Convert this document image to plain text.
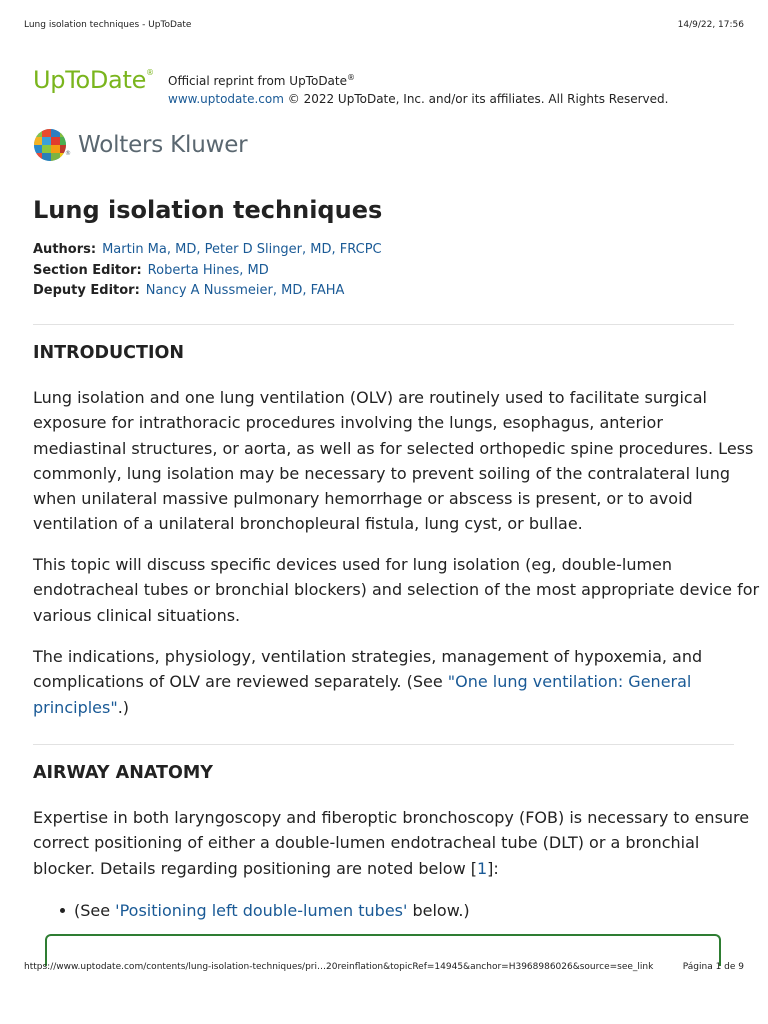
Lung isolation techniques - UpToDate	14/9/22, 17:56
UpToDate®
Official reprint from UpToDate®
www.uptodate.com © 2022 UpToDate, Inc. and/or its affiliates. All Rights Reserved.
® Wolters Kluwer
Lung isolation techniques
Authors: Martin Ma, MD, Peter D Slinger, MD, FRCPC
Section Editor: Roberta Hines, MD
Deputy Editor: Nancy A Nussmeier, MD, FAHA
INTRODUCTION

Lung isolation and one lung ventilation (OLV) are routinely used to facilitate surgical
exposure for intrathoracic procedures involving the lungs, esophagus, anterior
mediastinal structures, or aorta, as well as for selected orthopedic spine procedures. Less
commonly, lung isolation may be necessary to prevent soiling of the contralateral lung
when unilateral massive pulmonary hemorrhage or abscess is present, or to avoid
ventilation of a unilateral bronchopleural fistula, lung cyst, or bullae.

This topic will discuss specific devices used for lung isolation (eg, double-lumen
endotracheal tubes or bronchial blockers) and selection of the most appropriate device for
various clinical situations.

The indications, physiology, ventilation strategies, management of hypoxemia, and
complications of OLV are reviewed separately. (See "One lung ventilation: General
principles".)

AIRWAY ANATOMY

Expertise in both laryngoscopy and fiberoptic bronchoscopy (FOB) is necessary to ensure
correct positioning of either a double-lumen endotracheal tube (DLT) or a bronchial
blocker. Details regarding positioning are noted below [1]:

(See 'Positioning left double-lumen tubes' below.)
https://www.uptodate.com/contents/lung-isolation-techniques/pri…20reinflation&topicRef=14945&anchor=H3968986026&source=see_link	Página 1 de 9
